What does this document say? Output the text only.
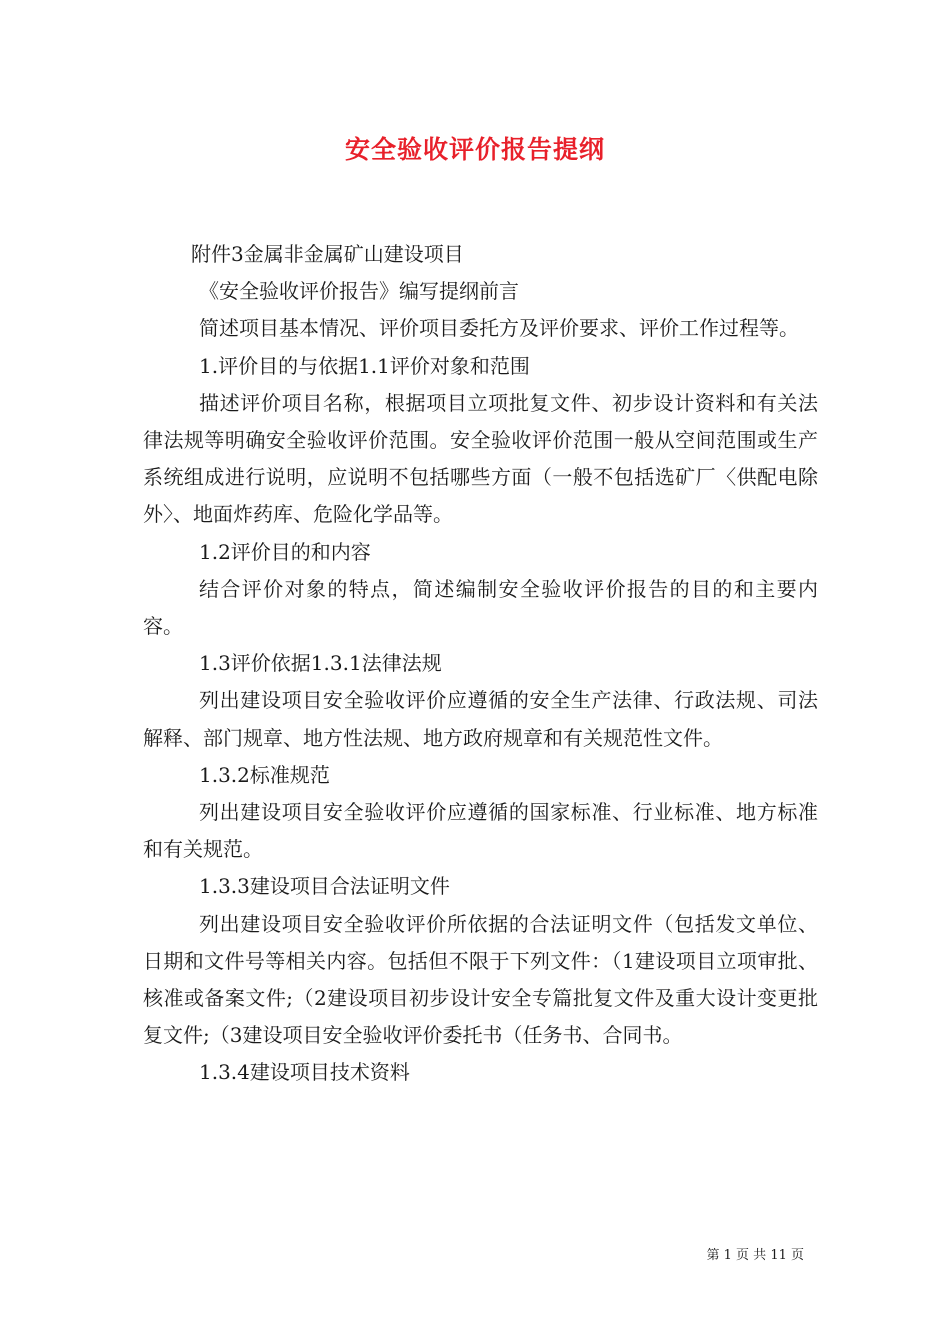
安全验收评价报告提纲

附件3金属非金属矿山建设项目

《安全验收评价报告》编写提纲前言

简述项目基本情况、评价项目委托方及评价要求、评价工作过程等。

1.评价目的与依据1.1评价对象和范围

描述评价项目名称，根据项目立项批复文件、初步设计资料和有关法律法规等明确安全验收评价范围。安全验收评价范围一般从空间范围或生产系统组成进行说明，应说明不包括哪些方面（一般不包括选矿厂〈供配电除外〉、地面炸药库、危险化学品等。

1.2评价目的和内容

结合评价对象的特点，简述编制安全验收评价报告的目的和主要内容。

1.3评价依据1.3.1法律法规

列出建设项目安全验收评价应遵循的安全生产法律、行政法规、司法解释、部门规章、地方性法规、地方政府规章和有关规范性文件。

1.3.2标准规范

列出建设项目安全验收评价应遵循的国家标准、行业标准、地方标准和有关规范。

1.3.3建设项目合法证明文件

列出建设项目安全验收评价所依据的合法证明文件（包括发文单位、日期和文件号等相关内容。包括但不限于下列文件：（1建设项目立项审批、核准或备案文件;（2建设项目初步设计安全专篇批复文件及重大设计变更批复文件;（3建设项目安全验收评价委托书（任务书、合同书。

1.3.4建设项目技术资料

第 1 页 共 11 页
